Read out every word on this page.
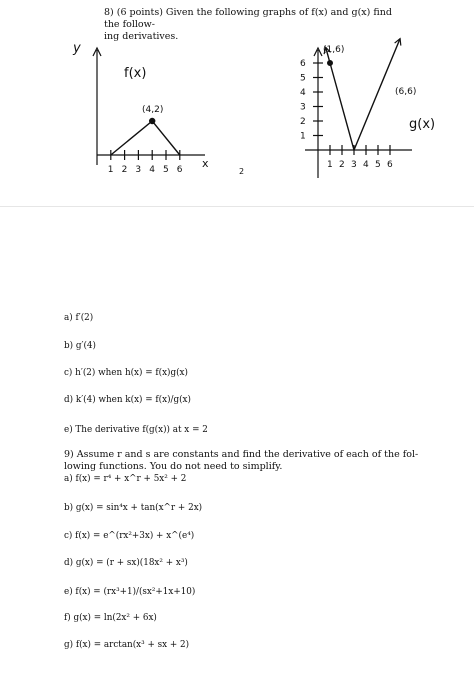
8) (6 points) Given the following graphs of f(x) and g(x) find the follow-
ing derivatives.
y
x
f(x)
(4,2)
1 2 3 4 5 6	2
(1,6)
(6,6)
g(x)
1
2
3
4
5
6
1 2 3 4 5 6
a) f′(2)
b) g′(4)
c) h′(2) when h(x) = f(x)g(x)
d) k′(4) when k(x) = f(x)/g(x)
e) The derivative f(g(x)) at x = 2
9) Assume r and s are constants and find the derivative of each of the fol-
lowing functions. You do not need to simplify.
a) f(x) = r⁴ + x^r + 5x² + 2
b) g(x) = sin⁴x + tan(x^r + 2x)
c) f(x) = e^(rx²+3x) + x^(e⁴)
d) g(x) = (r + sx)(18x² + x³)
e) f(x) = (rx³+1)/(sx²+1x+10)
f) g(x) = ln(2x² + 6x)
g) f(x) = arctan(x³ + sx + 2)
